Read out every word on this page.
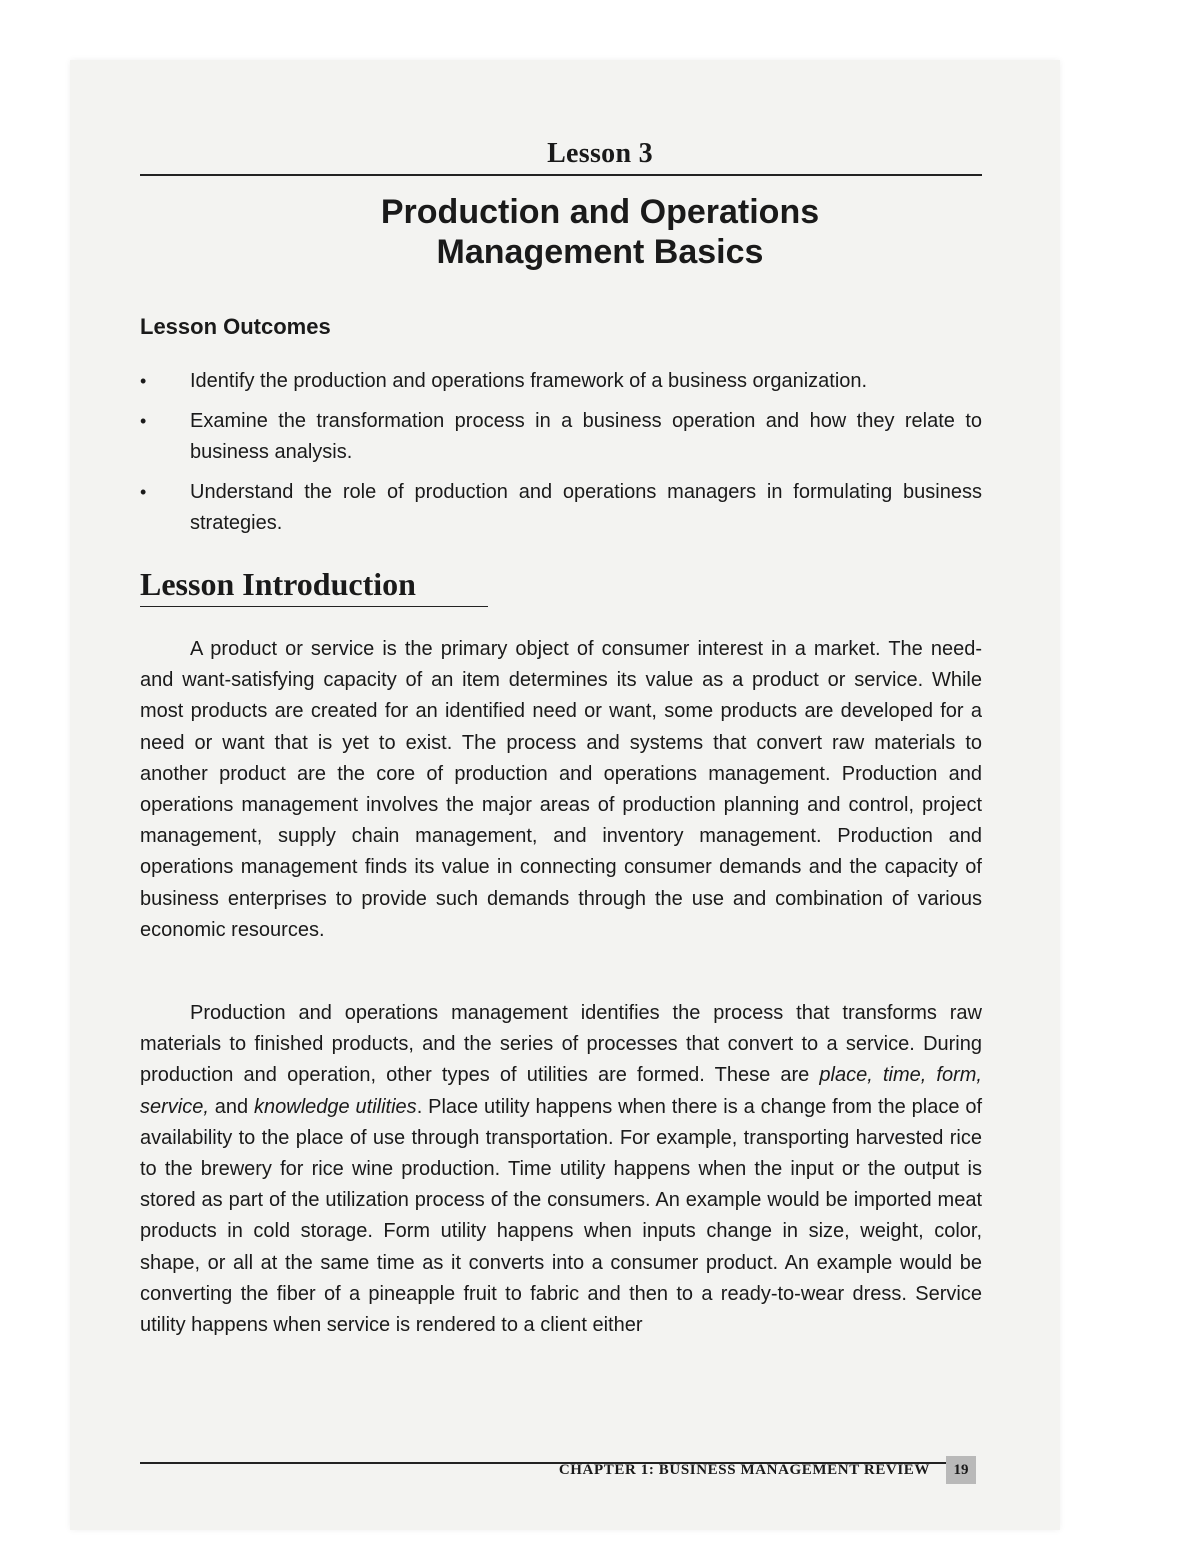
Lesson 3
Production and Operations
Management Basics
Lesson Outcomes
• Identify the production and operations framework of a business organization.
• Examine the transformation process in a business operation and how they relate to business analysis.
• Understand the role of production and operations managers in formulating business strategies.
Lesson Introduction

A product or service is the primary object of consumer interest in a market. The need- and want-satisfying capacity of an item determines its value as a product or service. While most products are created for an identified need or want, some products are developed for a need or want that is yet to exist. The process and systems that convert raw materials to another product are the core of production and operations management. Production and operations management involves the major areas of production planning and control, project management, supply chain management, and inventory management. Production and operations management finds its value in connecting consumer demands and the capacity of business enterprises to provide such demands through the use and combination of various economic resources.

Production and operations management identifies the process that transforms raw materials to finished products, and the series of processes that convert to a service. During production and operation, other types of utilities are formed. These are place, time, form, service, and knowledge utilities. Place utility happens when there is a change from the place of availability to the place of use through transportation. For example, transporting harvested rice to the brewery for rice wine production. Time utility happens when the input or the output is stored as part of the utilization process of the consumers. An example would be imported meat products in cold storage. Form utility happens when inputs change in size, weight, color, shape, or all at the same time as it converts into a consumer product. An example would be converting the fiber of a pineapple fruit to fabric and then to a ready-to-wear dress. Service utility happens when service is rendered to a client either

CHAPTER 1: BUSINESS MANAGEMENT REVIEW	19
